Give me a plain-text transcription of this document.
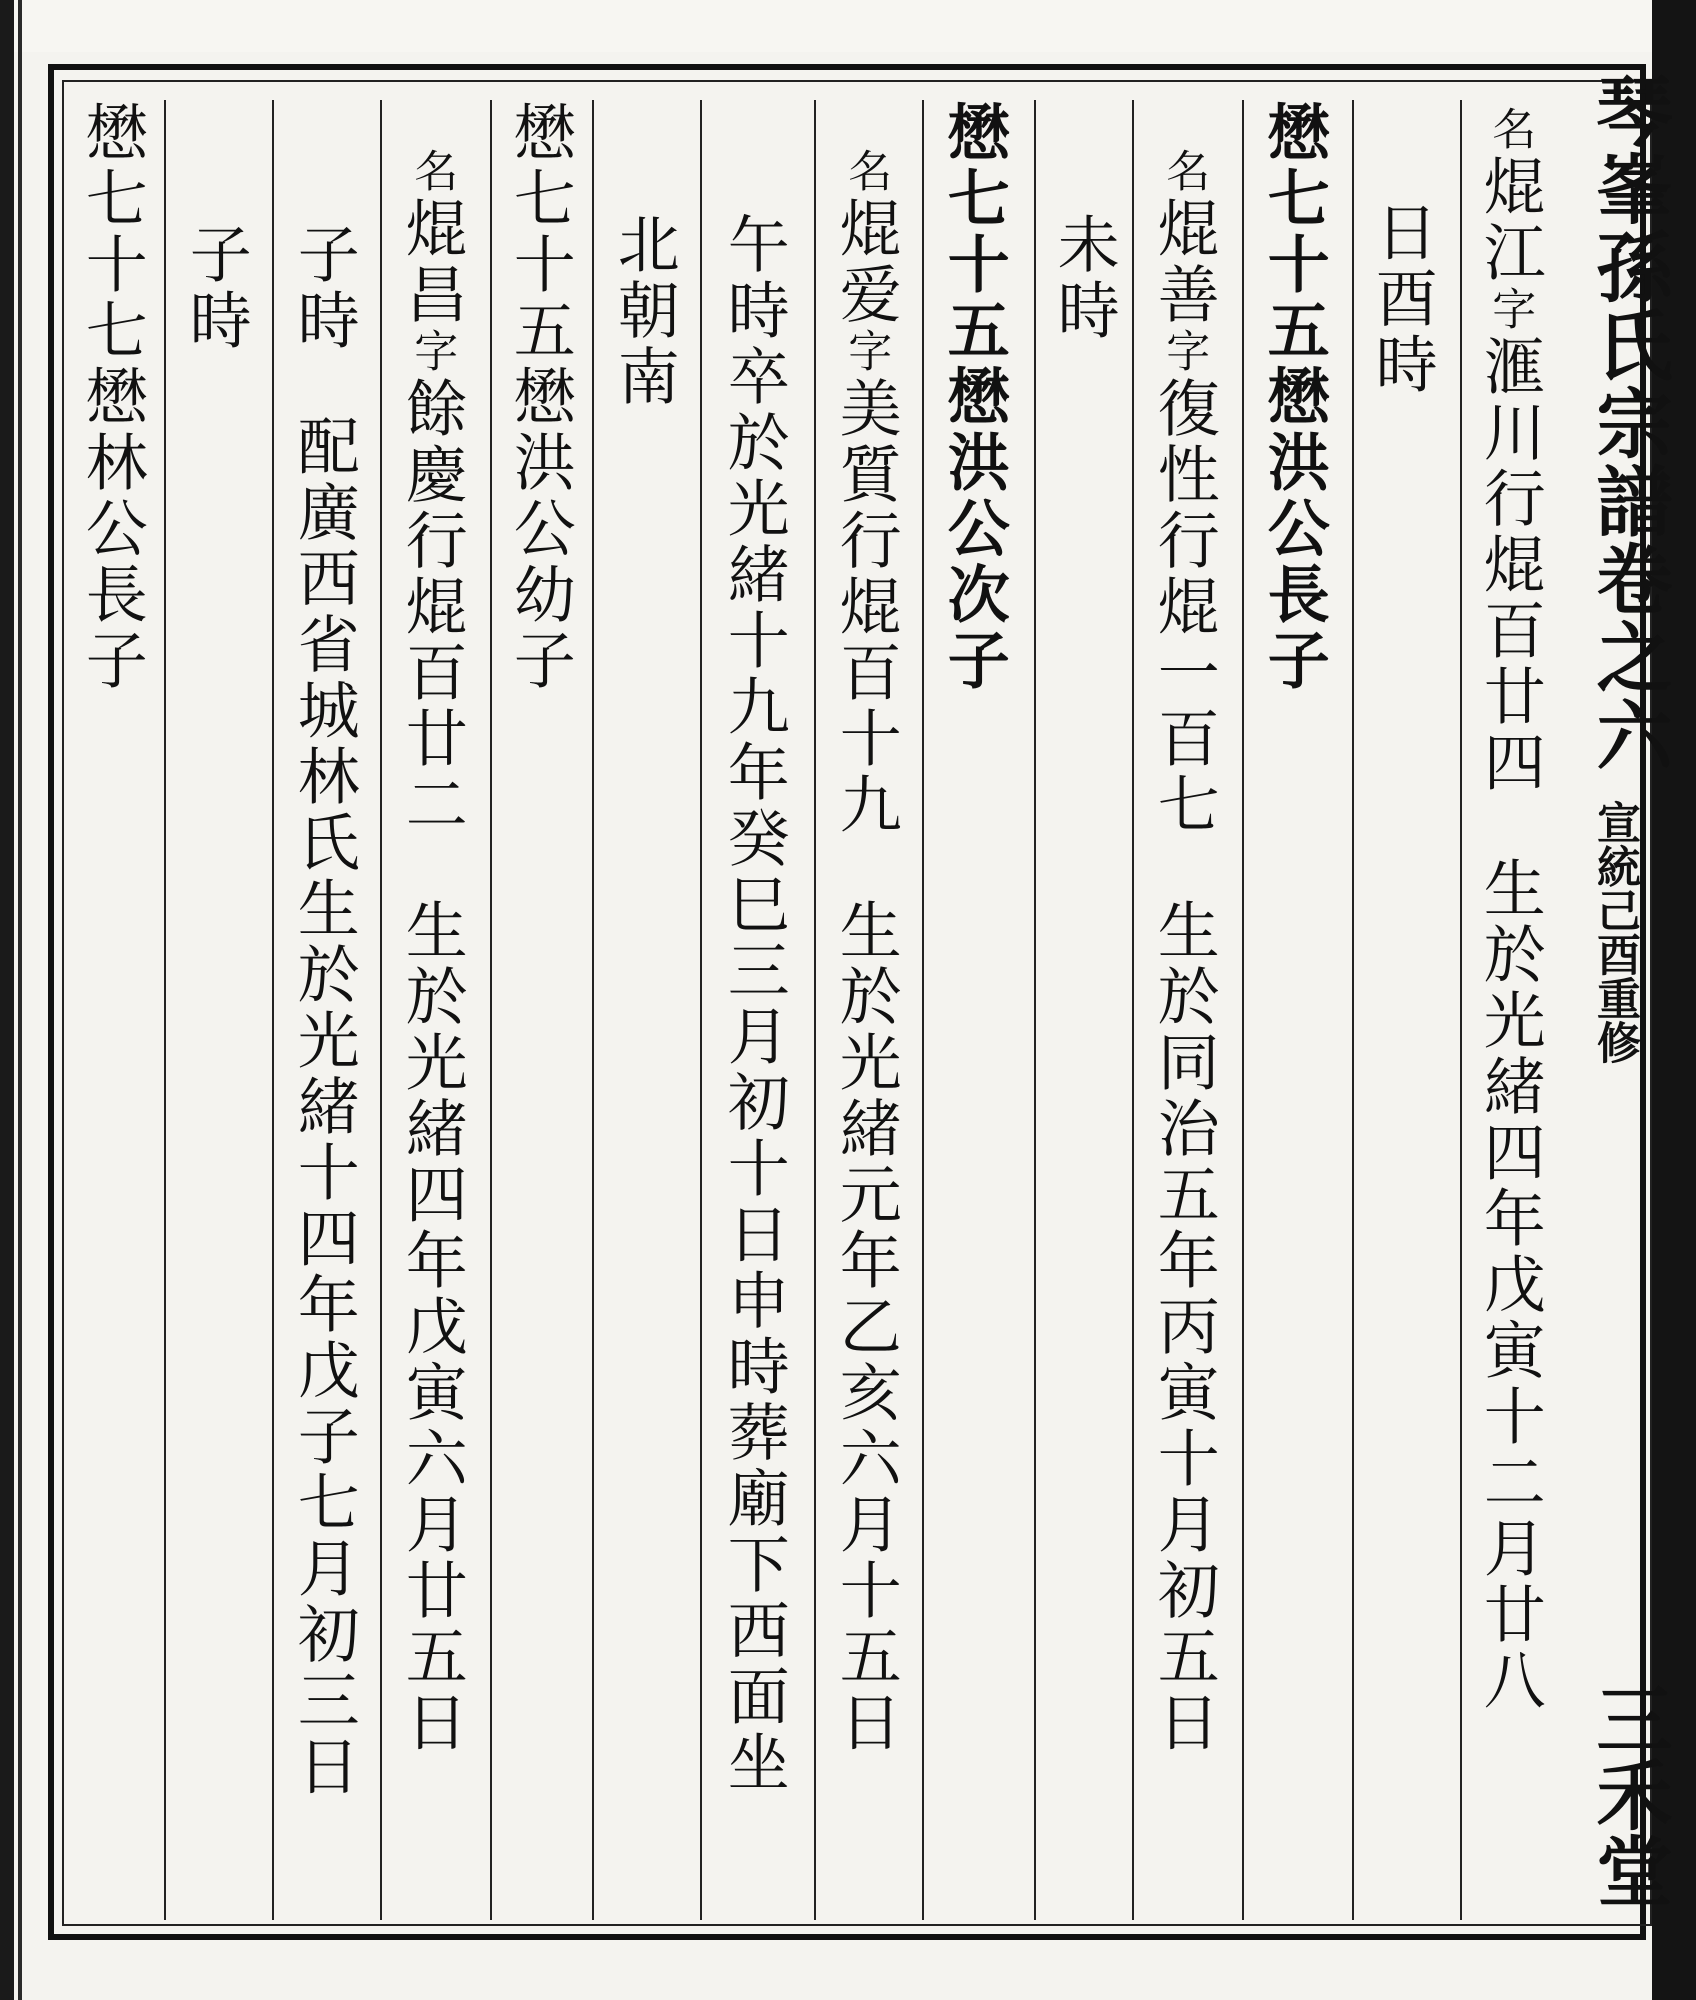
琴峯孫氏宗譜卷之六
宣統己酉重修
三禾堂
名焜江字滙川行焜百廿四生於光緒四年戊寅十二月廿八
日酉時
懋七十五懋洪公長子
名焜善字復性行焜一百七生於同治五年丙寅十月初五日
未時
懋七十五懋洪公次子
名焜爱字美質行焜百十九生於光緒元年乙亥六月十五日
午時卒於光緒十九年癸巳三月初十日申時葬廟下西面坐
北朝南
懋七十五懋洪公幼子
名焜昌字餘慶行焜百廿二生於光緒四年戊寅六月廿五日
子時配廣西省城林氏生於光緒十四年戊子七月初三日
子時
懋七十七懋林公長子
